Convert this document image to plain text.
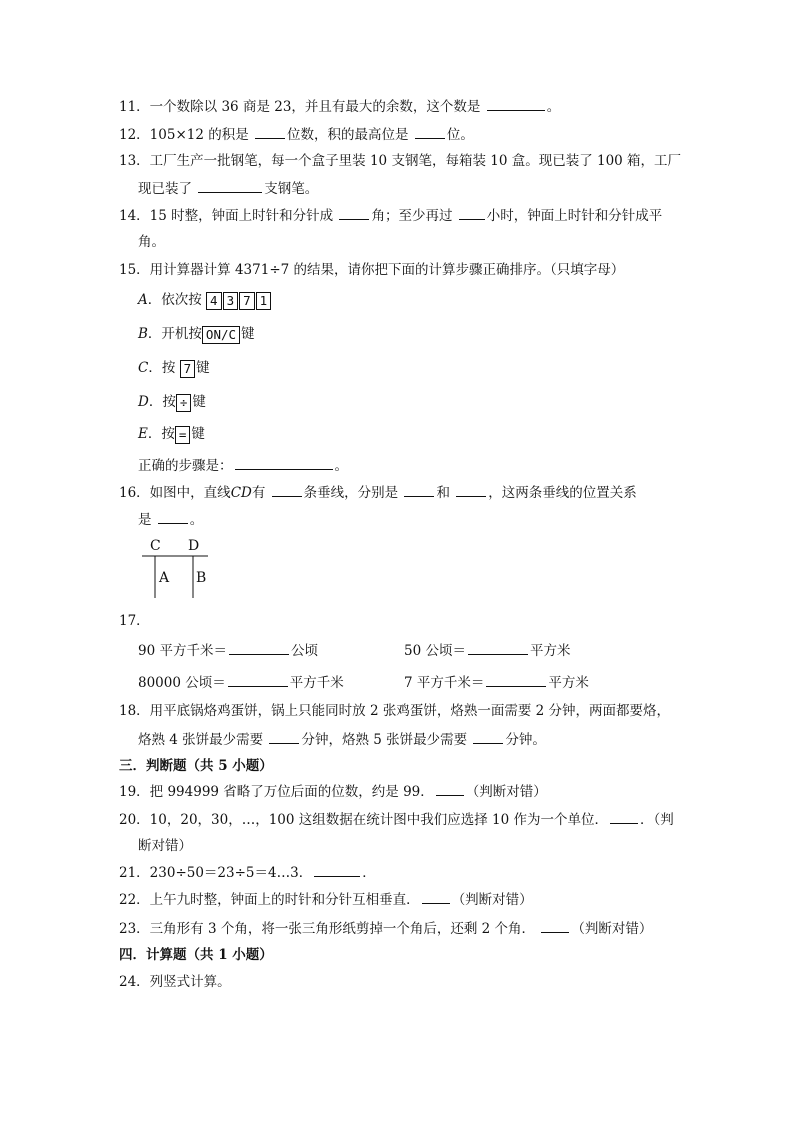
11．一个数除以 36 商是 23，并且有最大的余数，这个数是	。
12．105×12 的积是	位数，积的最高位是	位。
13．工厂生产一批钢笔，每一个盒子里装 10 支钢笔，每箱装 10 盒。现已装了 100 箱，工厂
现已装了	支钢笔。
14．15 时整，钟面上时针和分针成	角；至少再过	小时，钟面上时针和分针成平
角。
15．用计算器计算 4371÷7 的结果，请你把下面的计算步骤正确排序。（只填字母）
A．依次按 4 3 7 1
B．开机按 ON/C 键
C．按 7 键
D．按 ÷ 键
E．按 = 键
正确的步骤是：	。
16．如图中，直线CD有	条垂线，分别是	和	，这两条垂线的位置关系
是	。
C D
A B
17．
90 平方千米＝	公顷	50 公顷＝	平方米
80000 公顷＝	平方千米	7 平方千米＝	平方米
18．用平底锅烙鸡蛋饼，锅上只能同时放 2 张鸡蛋饼，烙熟一面需要 2 分钟，两面都要烙，
烙熟 4 张饼最少需要	分钟，烙熟 5 张饼最少需要	分钟。
三．判断题（共 5 小题）
19．把 994999 省略了万位后面的位数，约是 99． （判断对错）
20．10，20，30，…，100 这组数据在统计图中我们应选择 10 作为一个单位． ．（判
断对错）
21．230÷50＝23÷5＝4…3．	．
22．上午九时整，钟面上的时针和分针互相垂直． （判断对错）
23．三角形有 3 个角，将一张三角形纸剪掉一个角后，还剩 2 个角．	（判断对错）
四．计算题（共 1 小题）
24．列竖式计算。
